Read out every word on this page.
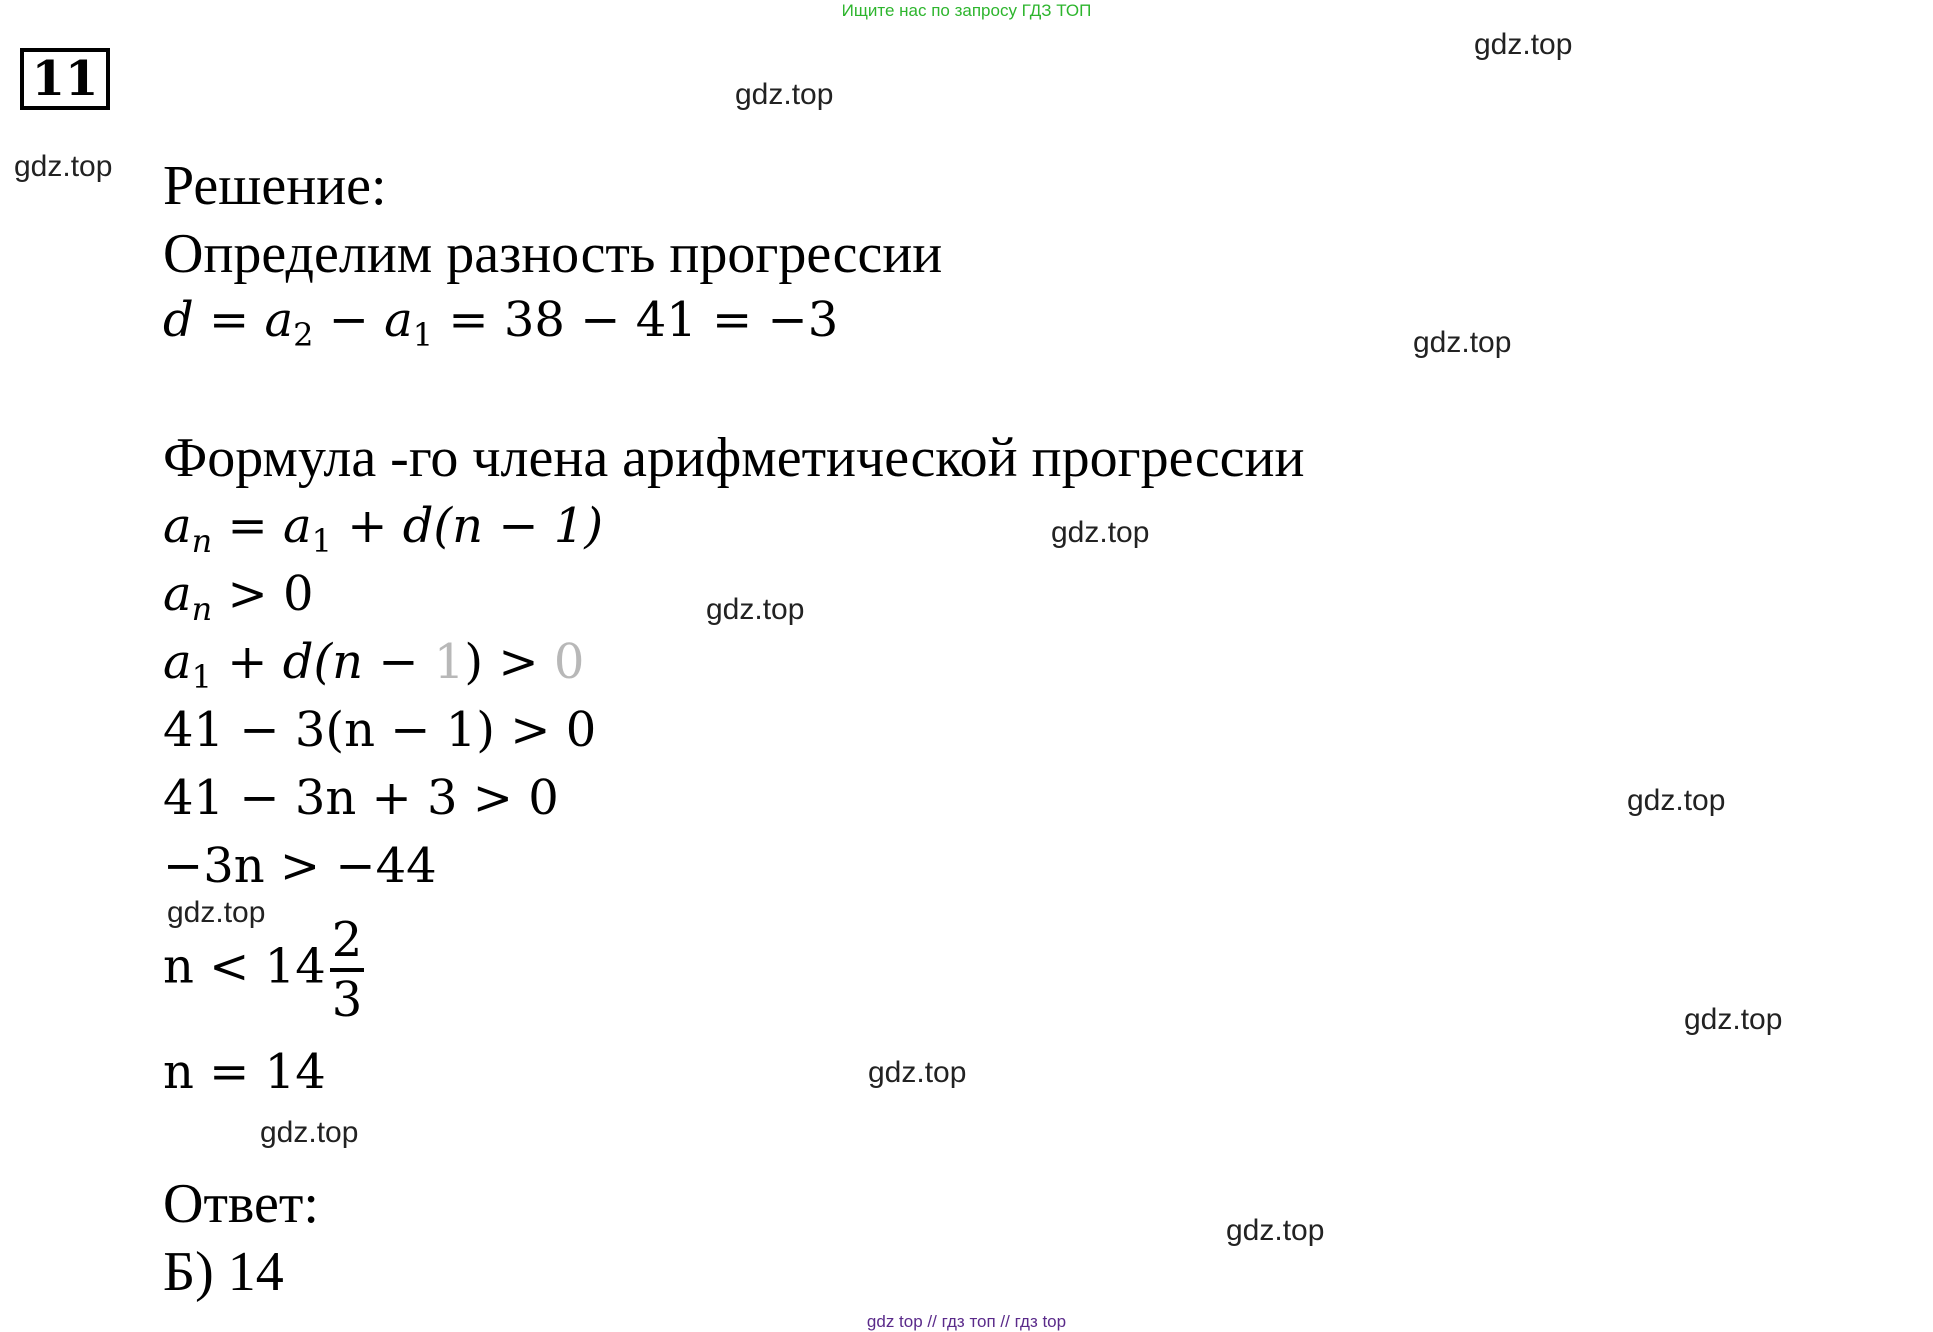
Ищите нас по запросу ГДЗ ТОП
11
gdz.top
gdz.top
gdz.top
gdz.top
gdz.top
gdz.top
gdz.top
gdz.top
gdz.top
gdz.top
gdz.top
gdz.top
Решение:
Определим разность прогрессии
$d = a_2 - a_1 = 38 - 41 = -3$
Формула -го члена арифметической прогрессии
$a_n = a_1 + d(n - 1)$
$a_n > 0$
$a_1 + d(n - 1) > 0$
41 − 3(n − 1) > 0
41 − 3n + 3 > 0
−3n > −44
$n < 14 \frac{2}{3}$
n = 14
Ответ:
Б) 14
gdz top // гдз топ // гдз top
